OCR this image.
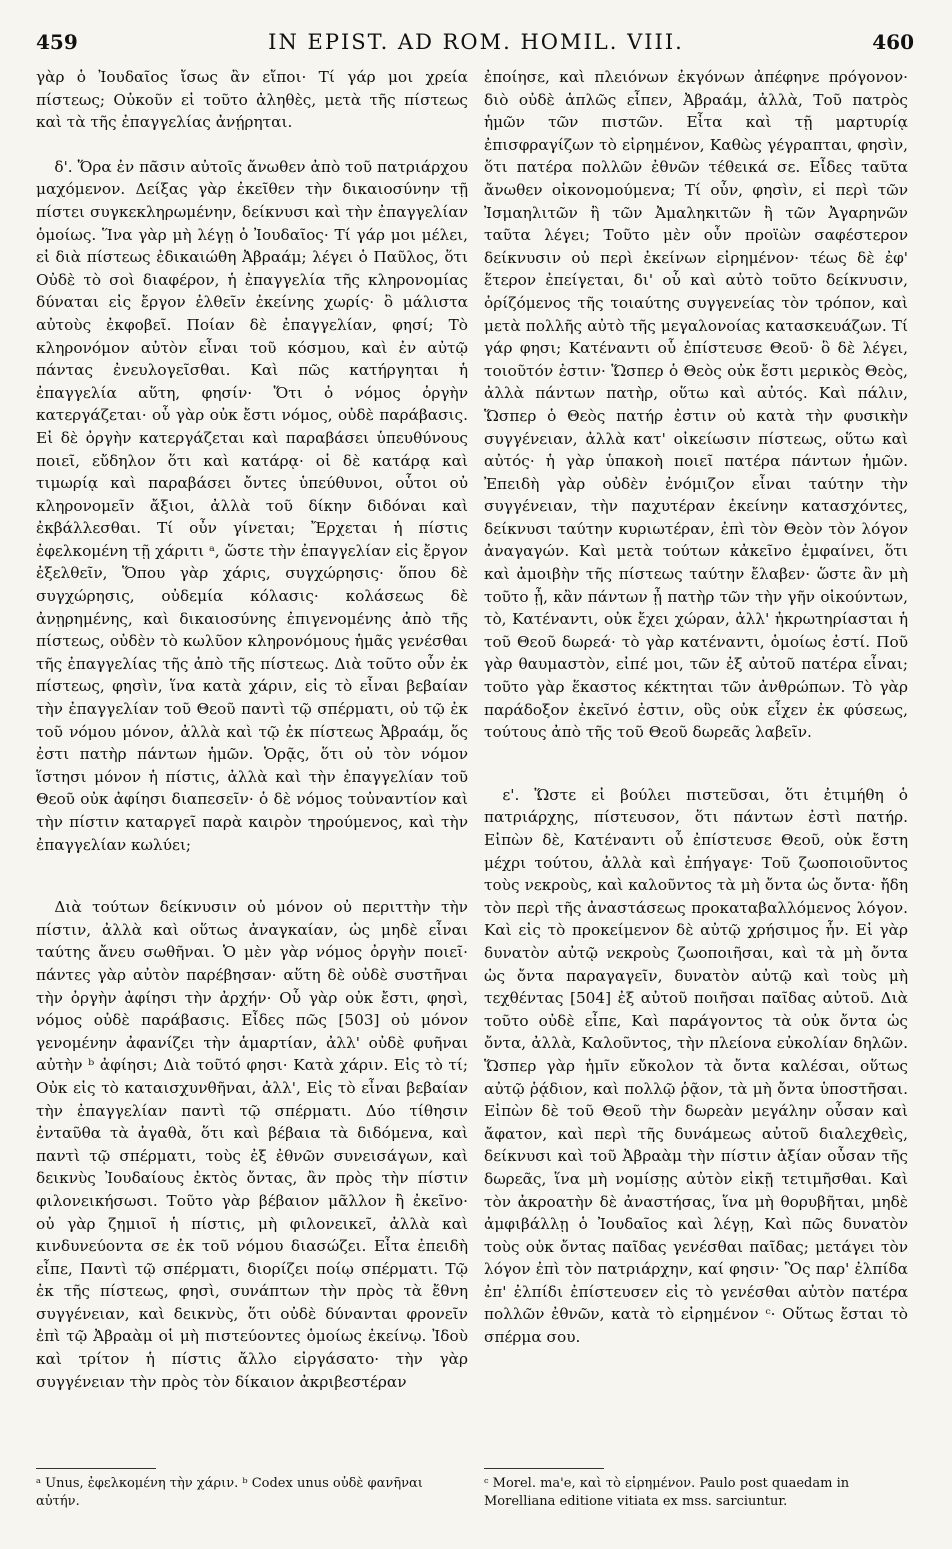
459	IN EPIST. AD ROM. HOMIL. VIII.	460

γὰρ ὁ Ἰουδαῖος ἴσως ἂν εἴποι· Τί γάρ μοι χρεία πίστεως; Οὐκοῦν εἰ τοῦτο ἀληθὲς, μετὰ τῆς πίστεως καὶ τὰ τῆς ἐπαγγελίας ἀνῄρηται.

δ'. Ὅρα ἐν πᾶσιν αὐτοῖς ἄνωθεν ἀπὸ τοῦ πατριάρχου μαχόμενον. Δείξας γὰρ ἐκεῖθεν τὴν δικαιοσύνην τῇ πίστει συγκεκληρωμένην, δείκνυσι καὶ τὴν ἐπαγγελίαν ὁμοίως. Ἵνα γὰρ μὴ λέγῃ ὁ Ἰουδαῖος· Τί γάρ μοι μέλει, εἰ διὰ πίστεως ἐδικαιώθη Ἀβραάμ; λέγει ὁ Παῦλος, ὅτι Οὐδὲ τὸ σοὶ διαφέρον, ἡ ἐπαγγελία τῆς κληρονομίας δύναται εἰς ἔργον ἐλθεῖν ἐκείνης χωρίς· ὃ μάλιστα αὐτοὺς ἐκφοβεῖ. Ποίαν δὲ ἐπαγγελίαν, φησί; Τὸ κληρονόμον αὐτὸν εἶναι τοῦ κόσμου, καὶ ἐν αὐτῷ πάντας ἐνευλογεῖσθαι. Καὶ πῶς κατήργηται ἡ ἐπαγγελία αὕτη, φησίν· Ὅτι ὁ νόμος ὀργὴν κατεργάζεται· οὗ γὰρ οὐκ ἔστι νόμος, οὐδὲ παράβασις. Εἰ δὲ ὀργὴν κατεργάζεται καὶ παραβάσει ὑπευθύνους ποιεῖ, εὔδηλον ὅτι καὶ κατάρᾳ· οἱ δὲ κατάρᾳ καὶ τιμωρίᾳ καὶ παραβάσει ὄντες ὑπεύθυνοι, οὗτοι οὐ κληρονομεῖν ἄξιοι, ἀλλὰ τοῦ δίκην διδόναι καὶ ἐκβάλλεσθαι. Τί οὖν γίνεται; Ἔρχεται ἡ πίστις ἐφελκομένη τῇ χάριτι ᵃ, ὥστε τὴν ἐπαγγελίαν εἰς ἔργον ἐξελθεῖν, Ὅπου γὰρ χάρις, συγχώρησις· ὅπου δὲ συγχώρησις, οὐδεμία κόλασις· κολάσεως δὲ ἀνῃρημένης, καὶ δικαιοσύνης ἐπιγενομένης ἀπὸ τῆς πίστεως, οὐδὲν τὸ κωλῦον κληρονόμους ἡμᾶς γενέσθαι τῆς ἐπαγγελίας τῆς ἀπὸ τῆς πίστεως. Διὰ τοῦτο οὖν ἐκ πίστεως, φησὶν, ἵνα κατὰ χάριν, εἰς τὸ εἶναι βεβαίαν τὴν ἐπαγγελίαν τοῦ Θεοῦ παντὶ τῷ σπέρματι, οὐ τῷ ἐκ τοῦ νόμου μόνον, ἀλλὰ καὶ τῷ ἐκ πίστεως Ἀβραάμ, ὅς ἐστι πατὴρ πάντων ἡμῶν. Ὁρᾷς, ὅτι οὐ τὸν νόμον ἵστησι μόνον ἡ πίστις, ἀλλὰ καὶ τὴν ἐπαγγελίαν τοῦ Θεοῦ οὐκ ἀφίησι διαπεσεῖν· ὁ δὲ νόμος τοὐναντίον καὶ τὴν πίστιν καταργεῖ παρὰ καιρὸν τηρούμενος, καὶ τὴν ἐπαγγελίαν κωλύει;

Διὰ τούτων δείκνυσιν οὐ μόνον οὐ περιττὴν τὴν πίστιν, ἀλλὰ καὶ οὕτως ἀναγκαίαν, ὡς μηδὲ εἶναι ταύτης ἄνευ σωθῆναι. Ὁ μὲν γὰρ νόμος ὀργὴν ποιεῖ· πάντες γὰρ αὐτὸν παρέβησαν· αὕτη δὲ οὐδὲ συστῆναι τὴν ὀργὴν ἀφίησι τὴν ἀρχήν· Οὗ γὰρ οὐκ ἔστι, φησὶ, νόμος οὐδὲ παράβασις. Εἶδες πῶς [503] οὐ μόνον γενομένην ἀφανίζει τὴν ἁμαρτίαν, ἀλλ' οὐδὲ φυῆναι αὐτὴν ᵇ ἀφίησι; Διὰ τοῦτό φησι· Κατὰ χάριν. Εἰς τὸ τί; Οὐκ εἰς τὸ καταισχυνθῆναι, ἀλλ', Εἰς τὸ εἶναι βεβαίαν τὴν ἐπαγγελίαν παντὶ τῷ σπέρματι. Δύο τίθησιν ἐνταῦθα τὰ ἀγαθὰ, ὅτι καὶ βέβαια τὰ διδόμενα, καὶ παντὶ τῷ σπέρματι, τοὺς ἐξ ἐθνῶν συνεισάγων, καὶ δεικνὺς Ἰουδαίους ἐκτὸς ὄντας, ἂν πρὸς τὴν πίστιν φιλονεικήσωσι. Τοῦτο γὰρ βέβαιον μᾶλλον ἢ ἐκεῖνο· οὐ γὰρ ζημιοῖ ἡ πίστις, μὴ φιλονεικεῖ, ἀλλὰ καὶ κινδυνεύοντα σε ἐκ τοῦ νόμου διασώζει. Εἶτα ἐπειδὴ εἶπε, Παντὶ τῷ σπέρματι, διορίζει ποίῳ σπέρματι. Τῷ ἐκ τῆς πίστεως, φησὶ, συνάπτων τὴν πρὸς τὰ ἔθνη συγγένειαν, καὶ δεικνὺς, ὅτι οὐδὲ δύνανται φρονεῖν ἐπὶ τῷ Ἀβραὰμ οἱ μὴ πιστεύοντες ὁμοίως ἐκείνῳ. Ἰδοὺ καὶ τρίτον ἡ πίστις ἄλλο εἰργάσατο· τὴν γὰρ συγγένειαν τὴν πρὸς τὸν δίκαιον ἀκριβεστέραν

ἐποίησε, καὶ πλειόνων ἐκγόνων ἀπέφηνε πρόγονον· διὸ οὐδὲ ἁπλῶς εἶπεν, Ἀβραάμ, ἀλλὰ, Τοῦ πατρὸς ἡμῶν τῶν πιστῶν. Εἶτα καὶ τῇ μαρτυρίᾳ ἐπισφραγίζων τὸ εἰρημένον, Καθὼς γέγραπται, φησὶν, ὅτι πατέρα πολλῶν ἐθνῶν τέθεικά σε. Εἶδες ταῦτα ἄνωθεν οἰκονομούμενα; Τί οὖν, φησὶν, εἰ περὶ τῶν Ἰσμαηλιτῶν ἢ τῶν Ἀμαληκιτῶν ἢ τῶν Ἀγαρηνῶν ταῦτα λέγει; Τοῦτο μὲν οὖν προϊὼν σαφέστερον δείκνυσιν οὐ περὶ ἐκείνων εἰρημένον· τέως δὲ ἐφ' ἕτερον ἐπείγεται, δι' οὗ καὶ αὐτὸ τοῦτο δείκνυσιν, ὁρίζόμενος τῆς τοιαύτης συγγενείας τὸν τρόπον, καὶ μετὰ πολλῆς αὐτὸ τῆς μεγαλονοίας κατασκευάζων. Τί γάρ φησι; Κατέναντι οὗ ἐπίστευσε Θεοῦ· ὃ δὲ λέγει, τοιοῦτόν ἐστιν· Ὥσπερ ὁ Θεὸς οὐκ ἔστι μερικὸς Θεὸς, ἀλλὰ πάντων πατὴρ, οὕτω καὶ αὐτός. Καὶ πάλιν, Ὥσπερ ὁ Θεὸς πατήρ ἐστιν οὐ κατὰ τὴν φυσικὴν συγγένειαν, ἀλλὰ κατ' οἰκείωσιν πίστεως, οὕτω καὶ αὐτός· ἡ γὰρ ὑπακοὴ ποιεῖ πατέρα πάντων ἡμῶν. Ἐπειδὴ γὰρ οὐδὲν ἐνόμιζον εἶναι ταύτην τὴν συγγένειαν, τὴν παχυτέραν ἐκείνην κατασχόντες, δείκνυσι ταύτην κυριωτέραν, ἐπὶ τὸν Θεὸν τὸν λόγον ἀναγαγών. Καὶ μετὰ τούτων κἀκεῖνο ἐμφαίνει, ὅτι καὶ ἀμοιβὴν τῆς πίστεως ταύτην ἔλαβεν· ὥστε ἂν μὴ τοῦτο ᾖ, κἂν πάντων ᾖ πατὴρ τῶν τὴν γῆν οἰκούντων, τὸ, Κατέναντι, οὐκ ἔχει χώραν, ἀλλ' ἠκρωτηρίασται ἡ τοῦ Θεοῦ δωρεά· τὸ γὰρ κατέναντι, ὁμοίως ἐστί. Ποῦ γὰρ θαυμαστὸν, εἰπέ μοι, τῶν ἐξ αὐτοῦ πατέρα εἶναι; τοῦτο γὰρ ἕκαστος κέκτηται τῶν ἀνθρώπων. Τὸ γὰρ παράδοξον ἐκεῖνό ἐστιν, οὓς οὐκ εἶχεν ἐκ φύσεως, τούτους ἀπὸ τῆς τοῦ Θεοῦ δωρεᾶς λαβεῖν.

ε'. Ὥστε εἰ βούλει πιστεῦσαι, ὅτι ἐτιμήθη ὁ πατριάρχης, πίστευσον, ὅτι πάντων ἐστὶ πατήρ. Εἰπὼν δὲ, Κατέναντι οὗ ἐπίστευσε Θεοῦ, οὐκ ἔστη μέχρι τούτου, ἀλλὰ καὶ ἐπήγαγε· Τοῦ ζωοποιοῦντος τοὺς νεκροὺς, καὶ καλοῦντος τὰ μὴ ὄντα ὡς ὄντα· ἤδη τὸν περὶ τῆς ἀναστάσεως προκαταβαλλόμενος λόγον. Καὶ εἰς τὸ προκείμενον δὲ αὐτῷ χρήσιμος ἦν. Εἰ γὰρ δυνατὸν αὐτῷ νεκροὺς ζωοποιῆσαι, καὶ τὰ μὴ ὄντα ὡς ὄντα παραγαγεῖν, δυνατὸν αὐτῷ καὶ τοὺς μὴ τεχθέντας [504] ἐξ αὐτοῦ ποιῆσαι παῖδας αὐτοῦ. Διὰ τοῦτο οὐδὲ εἶπε, Καὶ παράγοντος τὰ οὐκ ὄντα ὡς ὄντα, ἀλλὰ, Καλοῦντος, τὴν πλείονα εὐκολίαν δηλῶν. Ὥσπερ γὰρ ἡμῖν εὔκολον τὰ ὄντα καλέσαι, οὕτως αὐτῷ ῥᾴδιον, καὶ πολλῷ ῥᾷον, τὰ μὴ ὄντα ὑποστῆσαι. Εἰπὼν δὲ τοῦ Θεοῦ τὴν δωρεὰν μεγάλην οὖσαν καὶ ἄφατον, καὶ περὶ τῆς δυνάμεως αὐτοῦ διαλεχθεὶς, δείκνυσι καὶ τοῦ Ἀβραὰμ τὴν πίστιν ἀξίαν οὖσαν τῆς δωρεᾶς, ἵνα μὴ νομίσῃς αὐτὸν εἰκῇ τετιμῆσθαι. Καὶ τὸν ἀκροατὴν δὲ ἀναστήσας, ἵνα μὴ θορυβῆται, μηδὲ ἀμφιβάλλῃ ὁ Ἰουδαῖος καὶ λέγῃ, Καὶ πῶς δυνατὸν τοὺς οὐκ ὄντας παῖδας γενέσθαι παῖδας; μετάγει τὸν λόγον ἐπὶ τὸν πατριάρχην, καί φησιν· Ὃς παρ' ἐλπίδα ἐπ' ἐλπίδι ἐπίστευσεν εἰς τὸ γενέσθαι αὐτὸν πατέρα πολλῶν ἐθνῶν, κατὰ τὸ εἰρημένον ᶜ· Οὕτως ἔσται τὸ σπέρμα σου.

ᵃ Unus, ἐφελκομένη τὴν χάριν. ᵇ Codex unus οὐδὲ φανῆναι αὐτήν.
ᶜ Morel. ma'e, καὶ τὸ εἰρημένον. Paulo post quaedam in Morelliana editione vitiata ex mss. sarciuntur.
